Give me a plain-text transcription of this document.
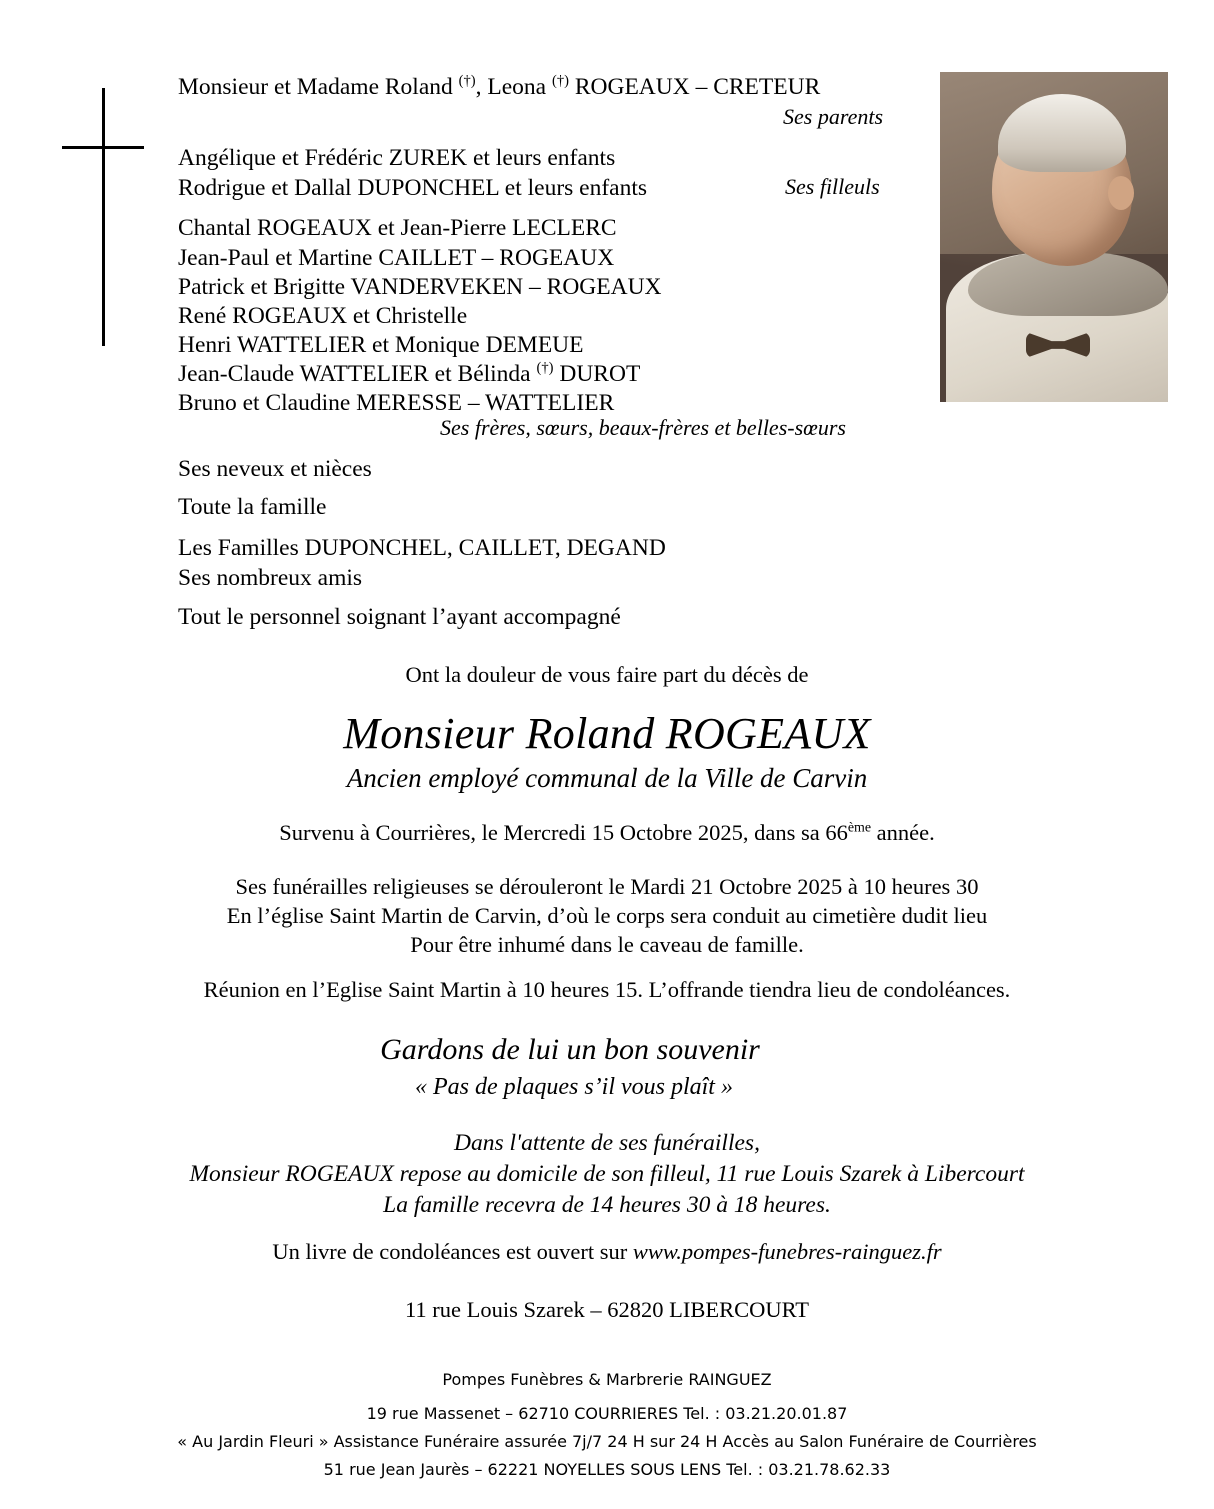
Monsieur et Madame Roland (†), Leona (†) ROGEAUX – CRETEUR
Ses parents
Angélique et Frédéric ZUREK et leurs enfants
Rodrigue et Dallal DUPONCHEL et leurs enfants	Ses filleuls
Chantal ROGEAUX et Jean-Pierre LECLERC
Jean-Paul et Martine CAILLET – ROGEAUX
Patrick et Brigitte VANDERVEKEN – ROGEAUX
René ROGEAUX et Christelle
Henri WATTELIER et Monique DEMEUE
Jean-Claude WATTELIER et Bélinda (†) DUROT
Bruno et Claudine MERESSE – WATTELIER
Ses frères, sœurs, beaux-frères et belles-sœurs
Ses neveux et nièces
Toute la famille
Les Familles DUPONCHEL, CAILLET, DEGAND
Ses nombreux amis
Tout le personnel soignant l’ayant accompagné
Ont la douleur de vous faire part du décès de
Monsieur Roland ROGEAUX
Ancien employé communal de la Ville de Carvin
Survenu à Courrières, le Mercredi 15 Octobre 2025, dans sa 66ème année.
Ses funérailles religieuses se dérouleront le Mardi 21 Octobre 2025 à 10 heures 30
En l’église Saint Martin de Carvin, d’où le corps sera conduit au cimetière dudit lieu
Pour être inhumé dans le caveau de famille.
Réunion en l’Eglise Saint Martin à 10 heures 15. L’offrande tiendra lieu de condoléances.
Gardons de lui un bon souvenir
« Pas de plaques s’il vous plaît »
Dans l'attente de ses funérailles,
Monsieur ROGEAUX repose au domicile de son filleul, 11 rue Louis Szarek à Libercourt
La famille recevra de 14 heures 30 à 18 heures.
Un livre de condoléances est ouvert sur www.pompes-funebres-rainguez.fr
11 rue Louis Szarek – 62820 LIBERCOURT
Pompes Funèbres & Marbrerie RAINGUEZ
19 rue Massenet – 62710 COURRIERES Tel. : 03.21.20.01.87
« Au Jardin Fleuri » Assistance Funéraire assurée 7j/7 24 H sur 24 H Accès au Salon Funéraire de Courrières
51 rue Jean Jaurès – 62221 NOYELLES SOUS LENS Tel. : 03.21.78.62.33
